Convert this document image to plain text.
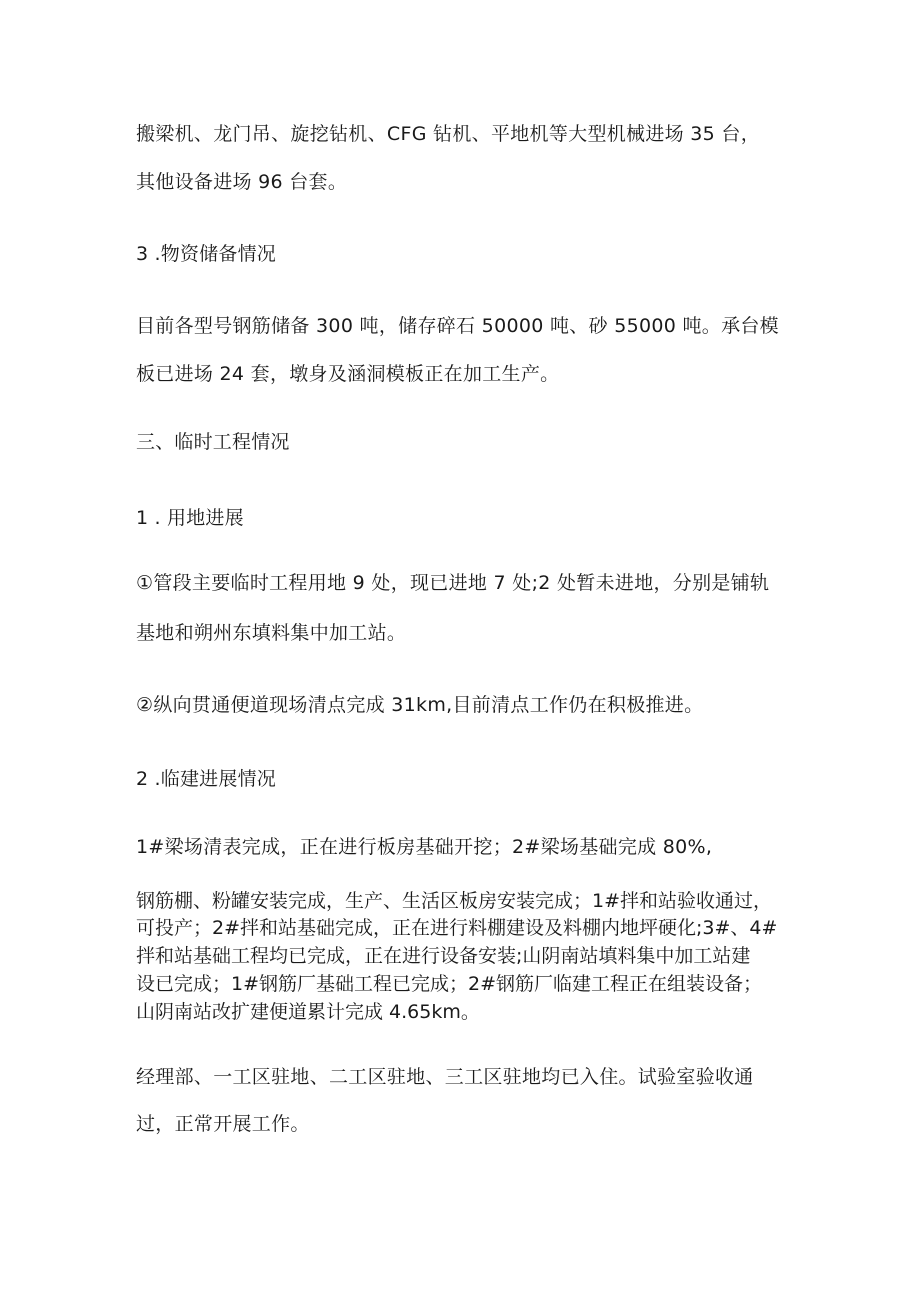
搬梁机、龙门吊、旋挖钻机、CFG 钻机、平地机等大型机械进场 35 台，
其他设备进场 96 台套。
3 .物资储备情况
目前各型号钢筋储备 300 吨，储存碎石 50000 吨、砂 55000 吨。承台模
板已进场 24 套，墩身及涵洞模板正在加工生产。
三、临时工程情况
1 . 用地进展
①管段主要临时工程用地 9 处，现已进地 7 处;2 处暂未进地，分别是铺轨
基地和朔州东填料集中加工站。
②纵向贯通便道现场清点完成 31km,目前清点工作仍在积极推进。
2 .临建进展情况
1#梁场清表完成，正在进行板房基础开挖；2#梁场基础完成 80%,
钢筋棚、粉罐安装完成，生产、生活区板房安装完成；1#拌和站验收通过，
可投产；2#拌和站基础完成，正在进行料棚建设及料棚内地坪硬化;3#、4#
拌和站基础工程均已完成，正在进行设备安装;山阴南站填料集中加工站建
设已完成；1#钢筋厂基础工程已完成；2#钢筋厂临建工程正在组装设备；
山阴南站改扩建便道累计完成 4.65km。
经理部、一工区驻地、二工区驻地、三工区驻地均已入住。试验室验收通
过，正常开展工作。
